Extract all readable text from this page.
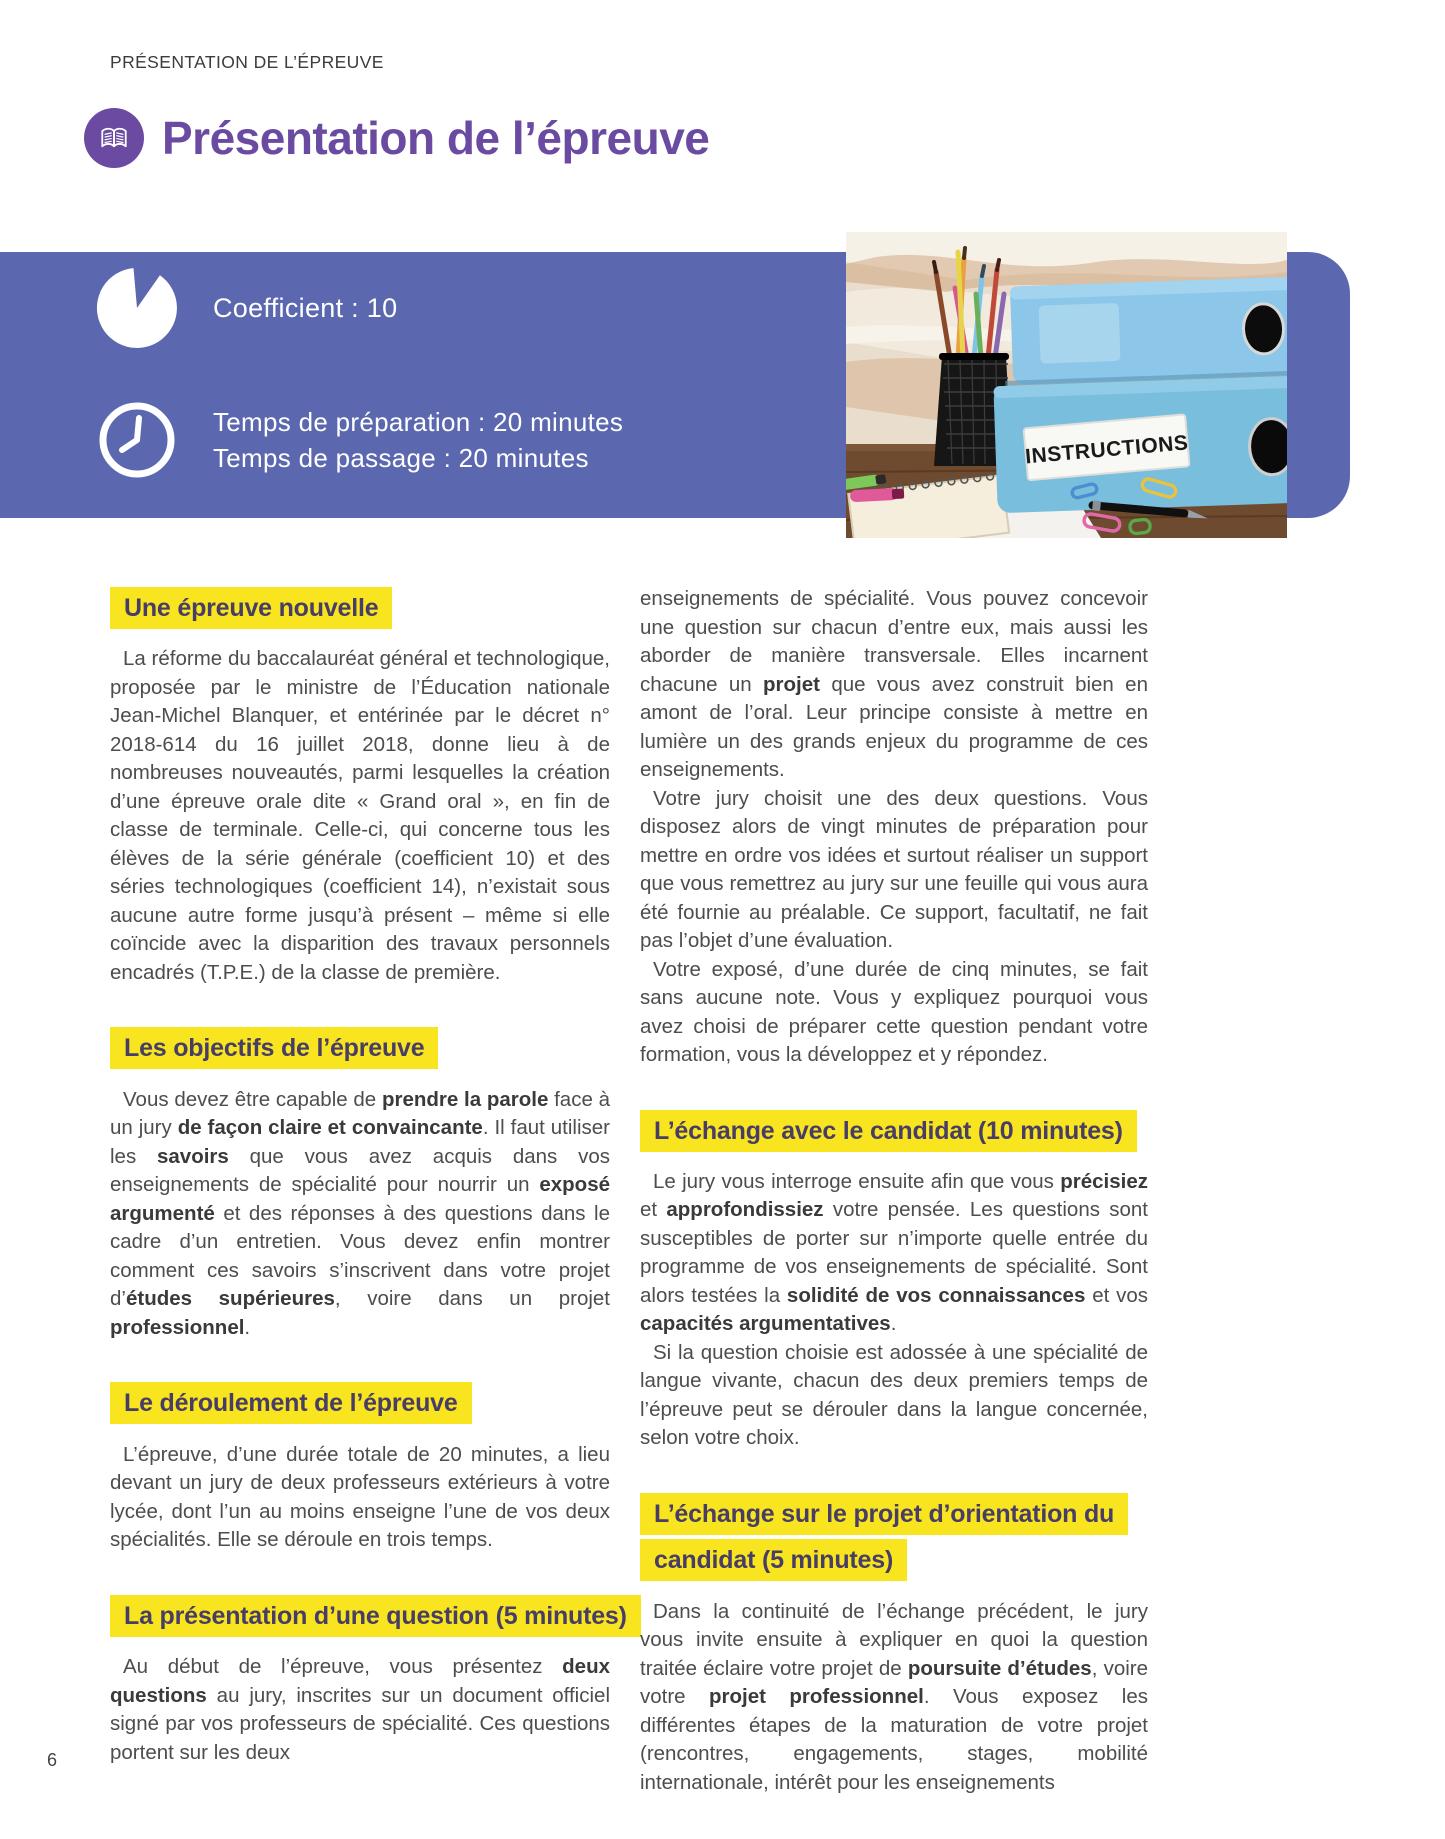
PRÉSENTATION DE L’ÉPREUVE
Présentation de l’épreuve
Coefficient : 10
Temps de préparation : 20 minutes
Temps de passage : 20 minutes	INSTRUCTIONS
Une épreuve nouvelle

La réforme du baccalauréat général et technologique, proposée par le ministre de l’Éducation nationale Jean-Michel Blanquer, et entérinée par le décret n° 2018-614 du 16 juillet 2018, donne lieu à de nombreuses nouveautés, parmi lesquelles la création d’une épreuve orale dite « Grand oral », en fin de classe de terminale. Celle-ci, qui concerne tous les élèves de la série générale (coefficient 10) et des séries technologiques (coefficient 14), n’existait sous aucune autre forme jusqu’à présent – même si elle coïncide avec la disparition des travaux personnels encadrés (T.P.E.) de la classe de première.

Les objectifs de l’épreuve

Vous devez être capable de prendre la parole face à un jury de façon claire et convaincante. Il faut utiliser les savoirs que vous avez acquis dans vos enseignements de spécialité pour nourrir un exposé argumenté et des réponses à des questions dans le cadre d’un entretien. Vous devez enfin montrer comment ces savoirs s’inscrivent dans votre projet d’études supérieures, voire dans un projet professionnel.

Le déroulement de l’épreuve

L’épreuve, d’une durée totale de 20 minutes, a lieu devant un jury de deux professeurs extérieurs à votre lycée, dont l’un au moins enseigne l’une de vos deux spécialités. Elle se déroule en trois temps.

La présentation d’une question (5 minutes)

Au début de l’épreuve, vous présentez deux questions au jury, inscrites sur un document officiel signé par vos professeurs de spécialité. Ces questions portent sur les deux

enseignements de spécialité. Vous pouvez concevoir une question sur chacun d’entre eux, mais aussi les aborder de manière transversale. Elles incarnent chacune un projet que vous avez construit bien en amont de l’oral. Leur principe consiste à mettre en lumière un des grands enjeux du programme de ces enseignements.

Votre jury choisit une des deux questions. Vous disposez alors de vingt minutes de préparation pour mettre en ordre vos idées et surtout réaliser un support que vous remettrez au jury sur une feuille qui vous aura été fournie au préalable. Ce support, facultatif, ne fait pas l’objet d’une évaluation.

Votre exposé, d’une durée de cinq minutes, se fait sans aucune note. Vous y expliquez pourquoi vous avez choisi de préparer cette question pendant votre formation, vous la développez et y répondez.

L’échange avec le candidat (10 minutes)

Le jury vous interroge ensuite afin que vous précisiez et approfondissiez votre pensée. Les questions sont susceptibles de porter sur n’importe quelle entrée du programme de vos enseignements de spécialité. Sont alors testées la solidité de vos connaissances et vos capacités argumentatives.

Si la question choisie est adossée à une spécialité de langue vivante, chacun des deux premiers temps de l’épreuve peut se dérouler dans la langue concernée, selon votre choix.

L’échange sur le projet d’orientation du candidat (5 minutes)

Dans la continuité de l’échange précédent, le jury vous invite ensuite à expliquer en quoi la question traitée éclaire votre projet de poursuite d’études, voire votre projet professionnel. Vous exposez les différentes étapes de la maturation de votre projet (rencontres, engagements, stages, mobilité internationale, intérêt pour les enseignements

6
